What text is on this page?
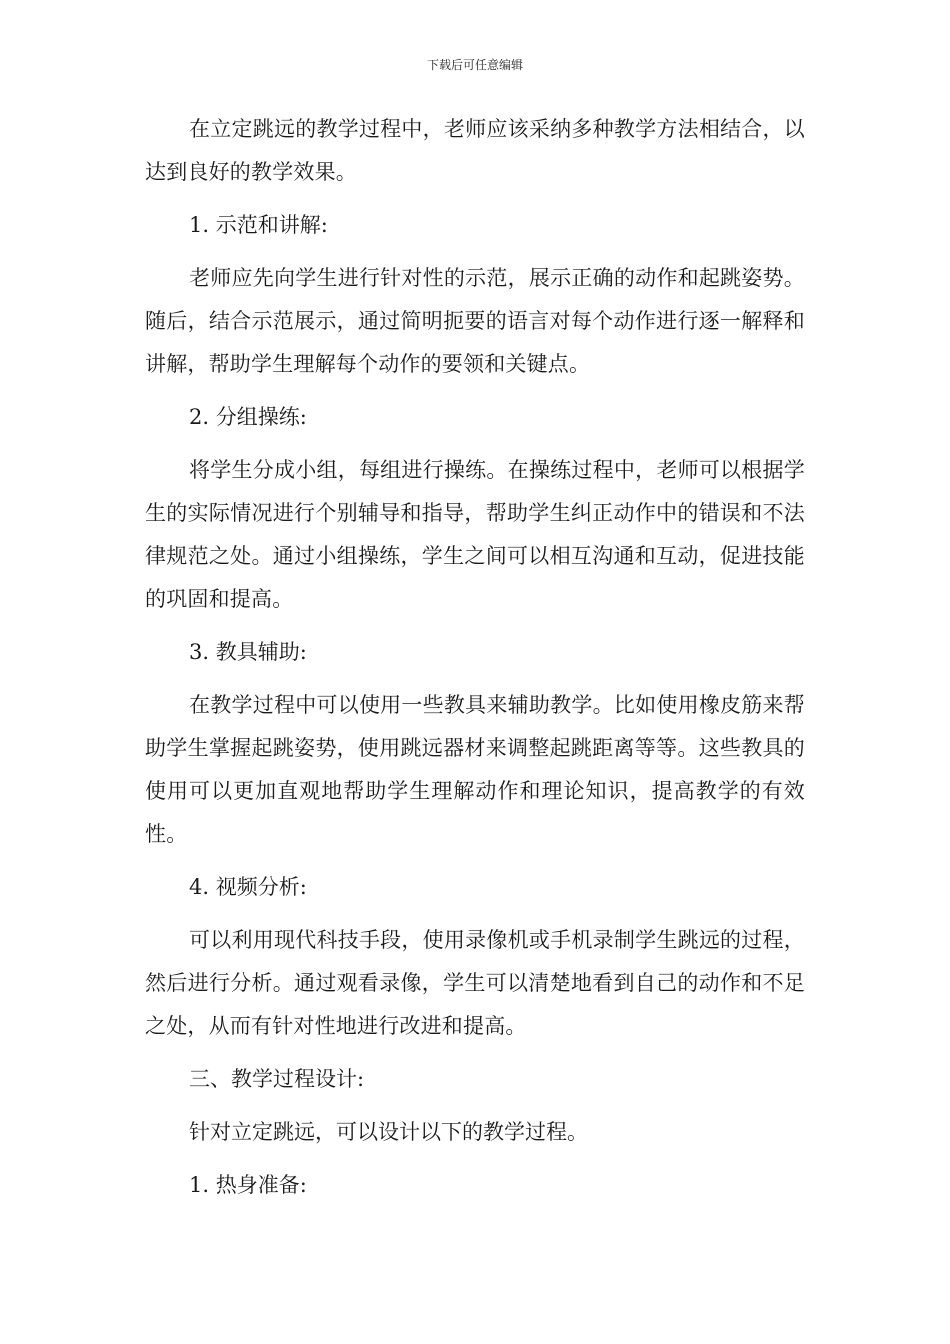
下载后可任意编辑

在立定跳远的教学过程中，老师应该采纳多种教学方法相结合，以达到良好的教学效果。

1. 示范和讲解:

老师应先向学生进行针对性的示范，展示正确的动作和起跳姿势。随后，结合示范展示，通过简明扼要的语言对每个动作进行逐一解释和讲解，帮助学生理解每个动作的要领和关键点。

2. 分组操练:

将学生分成小组，每组进行操练。在操练过程中，老师可以根据学生的实际情况进行个别辅导和指导，帮助学生纠正动作中的错误和不法律规范之处。通过小组操练，学生之间可以相互沟通和互动，促进技能的巩固和提高。

3. 教具辅助:

在教学过程中可以使用一些教具来辅助教学。比如使用橡皮筋来帮助学生掌握起跳姿势，使用跳远器材来调整起跳距离等等。这些教具的使用可以更加直观地帮助学生理解动作和理论知识，提高教学的有效性。

4. 视频分析:

可以利用现代科技手段，使用录像机或手机录制学生跳远的过程，然后进行分析。通过观看录像，学生可以清楚地看到自己的动作和不足之处，从而有针对性地进行改进和提高。

三、教学过程设计:

针对立定跳远，可以设计以下的教学过程。

1. 热身准备:
